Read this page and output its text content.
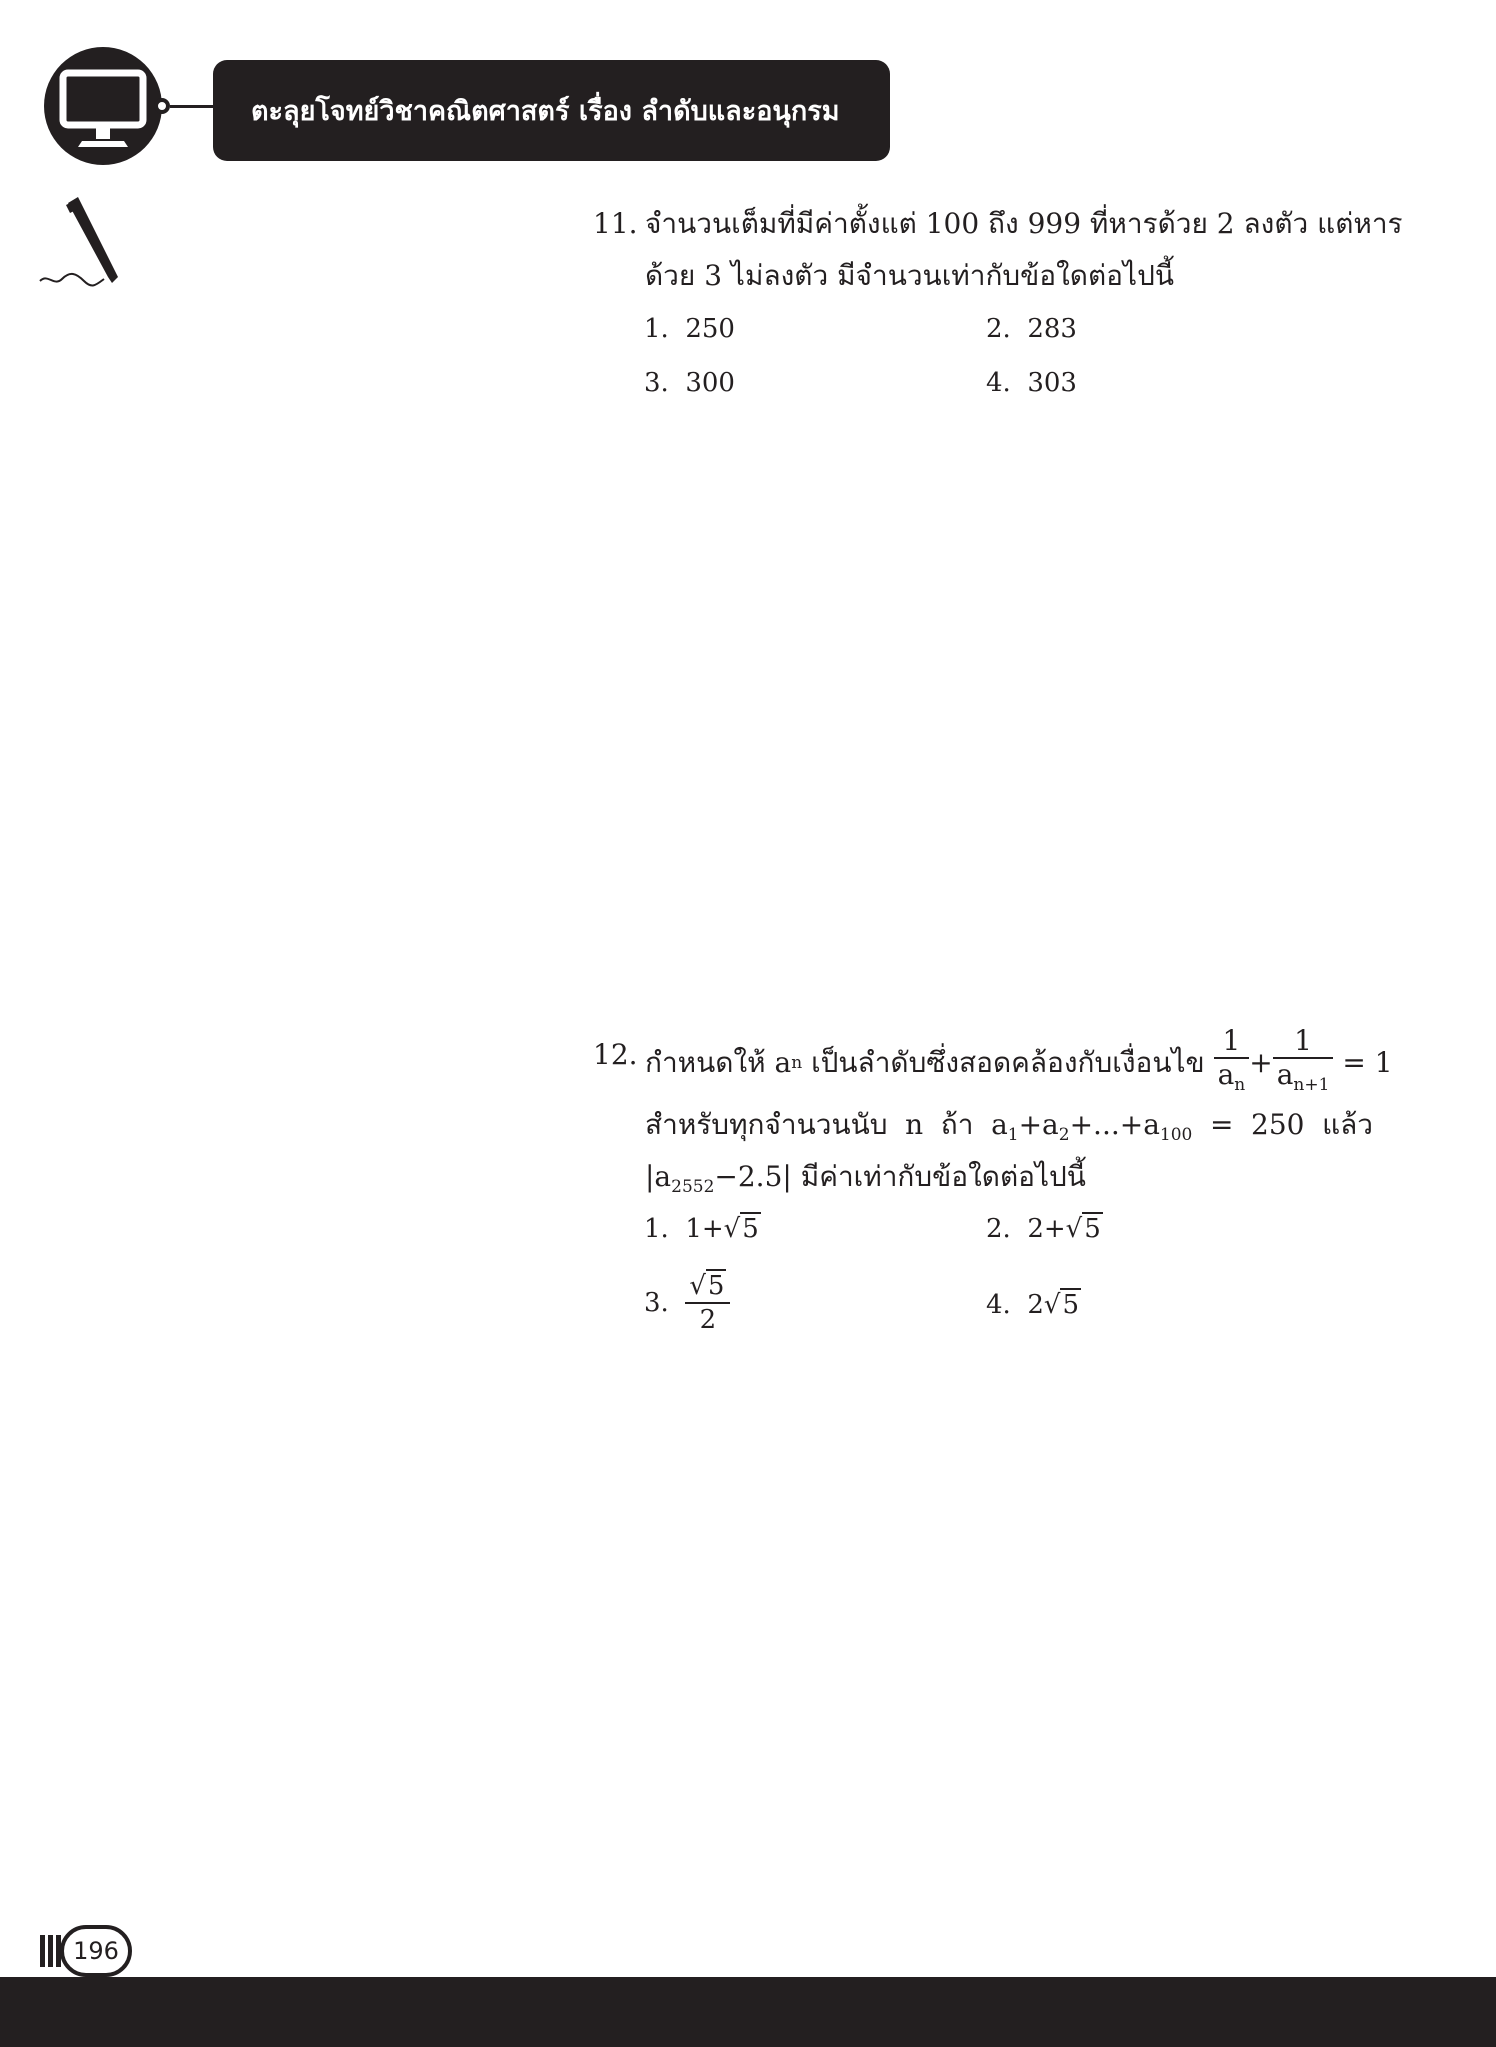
ตะลุยโจทย์วิชาคณิตศาสตร์ เรื่อง ลำดับและอนุกรม
11. จำนวนเต็มที่มีค่าตั้งแต่ 100 ถึง 999 ที่หารด้วย 2 ลงตัว แต่หาร
ด้วย 3 ไม่ลงตัว มีจำนวนเท่ากับข้อใดต่อไปนี้
1. 250	2. 283
3. 300	4. 303
12. กำหนดให้
a n
เป็นลำดับซึ่งสอดคล้องกับเงื่อนไข
$\frac{1}{a_n} + \frac{1}{a_{n+1}}$
= 1
สำหรับทุกจำนวนนับ n ถ้า $a_1+a_2+...+a_{100} = 250$ แล้ว
$|a_{2552}-2.5|$ มีค่าเท่ากับข้อใดต่อไปนี้
1. 1+√5	2. 2+√5
3.
$\frac{√5}{2}$	4. 2√5
196
